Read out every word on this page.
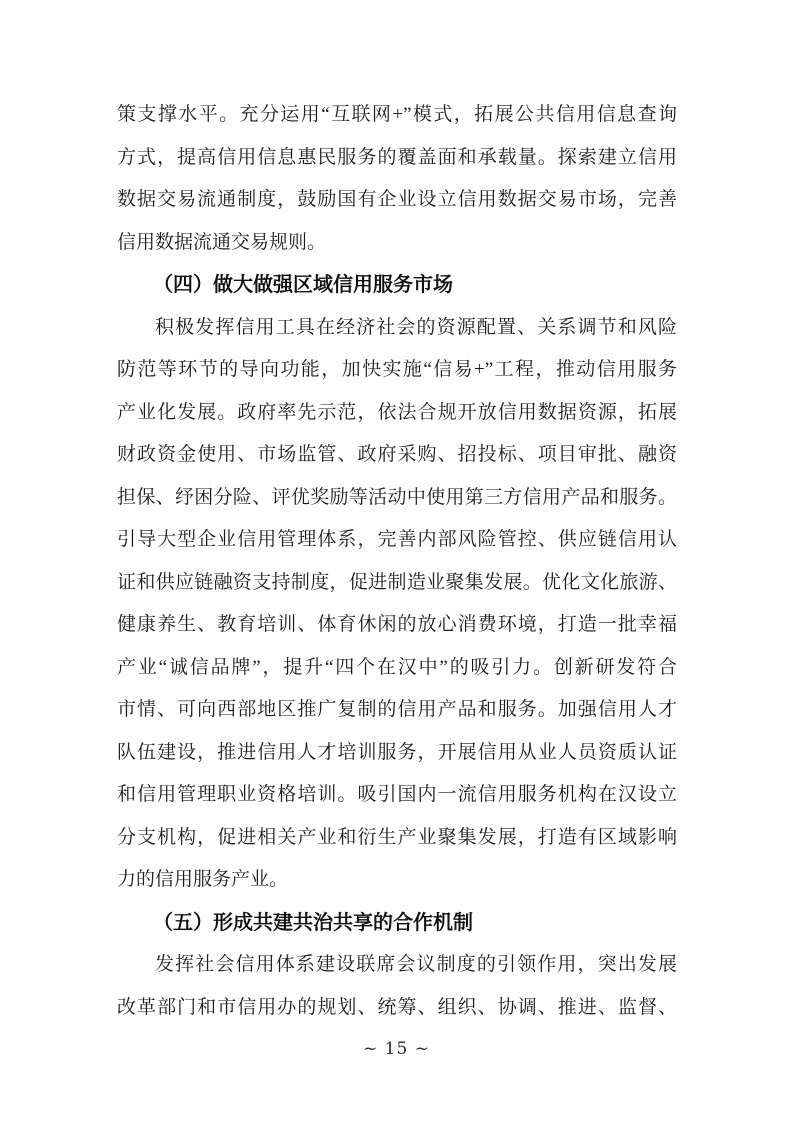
策支撑水平。充分运用“互联网+”模式，拓展公共信用信息查询
方式，提高信用信息惠民服务的覆盖面和承载量。探索建立信用
数据交易流通制度，鼓励国有企业设立信用数据交易市场，完善
信用数据流通交易规则。
（四）做大做强区域信用服务市场
积极发挥信用工具在经济社会的资源配置、关系调节和风险
防范等环节的导向功能，加快实施“信易+”工程，推动信用服务
产业化发展。政府率先示范，依法合规开放信用数据资源，拓展
财政资金使用、市场监管、政府采购、招投标、项目审批、融资
担保、纾困分险、评优奖励等活动中使用第三方信用产品和服务。
引导大型企业信用管理体系，完善内部风险管控、供应链信用认
证和供应链融资支持制度，促进制造业聚集发展。优化文化旅游、
健康养生、教育培训、体育休闲的放心消费环境，打造一批幸福
产业“诚信品牌”，提升“四个在汉中”的吸引力。创新研发符合
市情、可向西部地区推广复制的信用产品和服务。加强信用人才
队伍建设，推进信用人才培训服务，开展信用从业人员资质认证
和信用管理职业资格培训。吸引国内一流信用服务机构在汉设立
分支机构，促进相关产业和衍生产业聚集发展，打造有区域影响
力的信用服务产业。
（五）形成共建共治共享的合作机制
发挥社会信用体系建设联席会议制度的引领作用，突出发展
改革部门和市信用办的规划、统筹、组织、协调、推进、监督、
~ 15 ~
